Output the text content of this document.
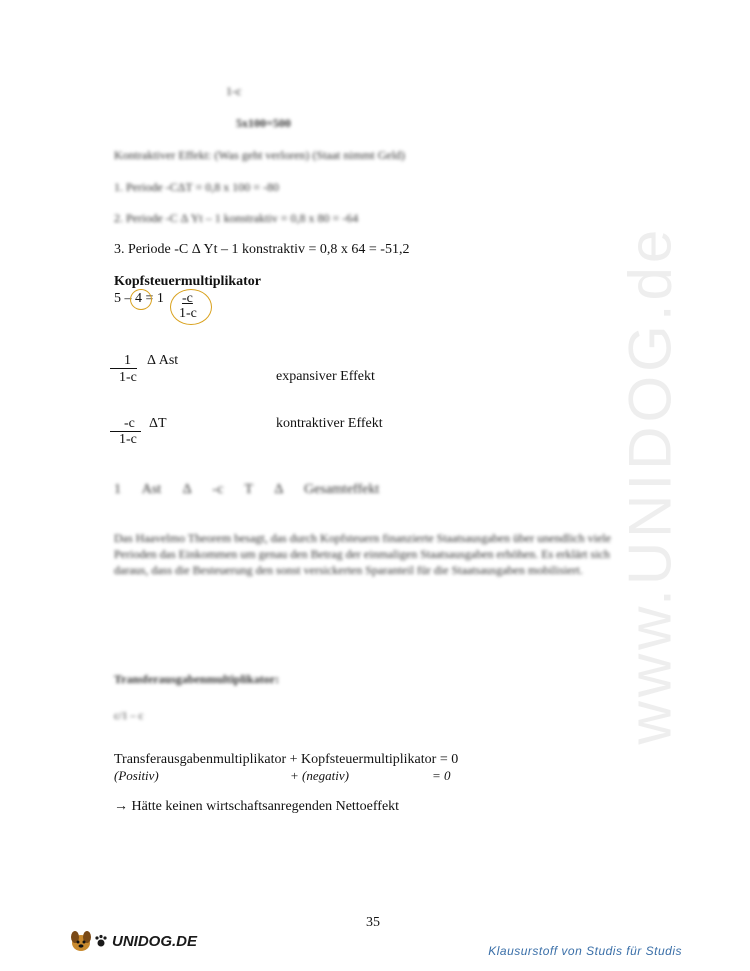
www.UNIDOG.de
1-c
5x100=500
Kontraktiver Effekt: (Was geht verloren) (Staat nimmt Geld)
1. Periode -CΔT = 0,8 x 100 = -80
2. Periode -C Δ Yt – 1 konstraktiv = 0,8 x 80 = -64
3. Periode -C Δ Yt – 1 konstraktiv = 0,8 x 64 = -51,2
Kopfsteuermultiplikator
5 – 4 = 1 -c
1-c
1	Δ Ast
1-c	expansiver Effekt
-c	ΔT
1-c
kontraktiver Effekt
1 Ast Δ -c T Δ Gesamteffekt
Das Haavelmo Theorem besagt, das durch Kopfsteuern finanzierte Staatsausgaben über unendlich viele Perioden das Einkommen um genau den Betrag der einmaligen Staatsausgaben erhöhen. Es erklärt sich daraus, dass die Besteuerung den sonst versickerten Sparanteil für die Staatsausgaben mobilisiert.
Transferausgabenmultiplikator:
c/1 – c
Transferausgabenmultiplikator + Kopfsteuermultiplikator = 0
(Positiv)	+ (negativ)	= 0
→ Hätte keinen wirtschaftsanregenden Nettoeffekt
35
UNIDOG.DE
Klausurstoff von Studis für Studis
